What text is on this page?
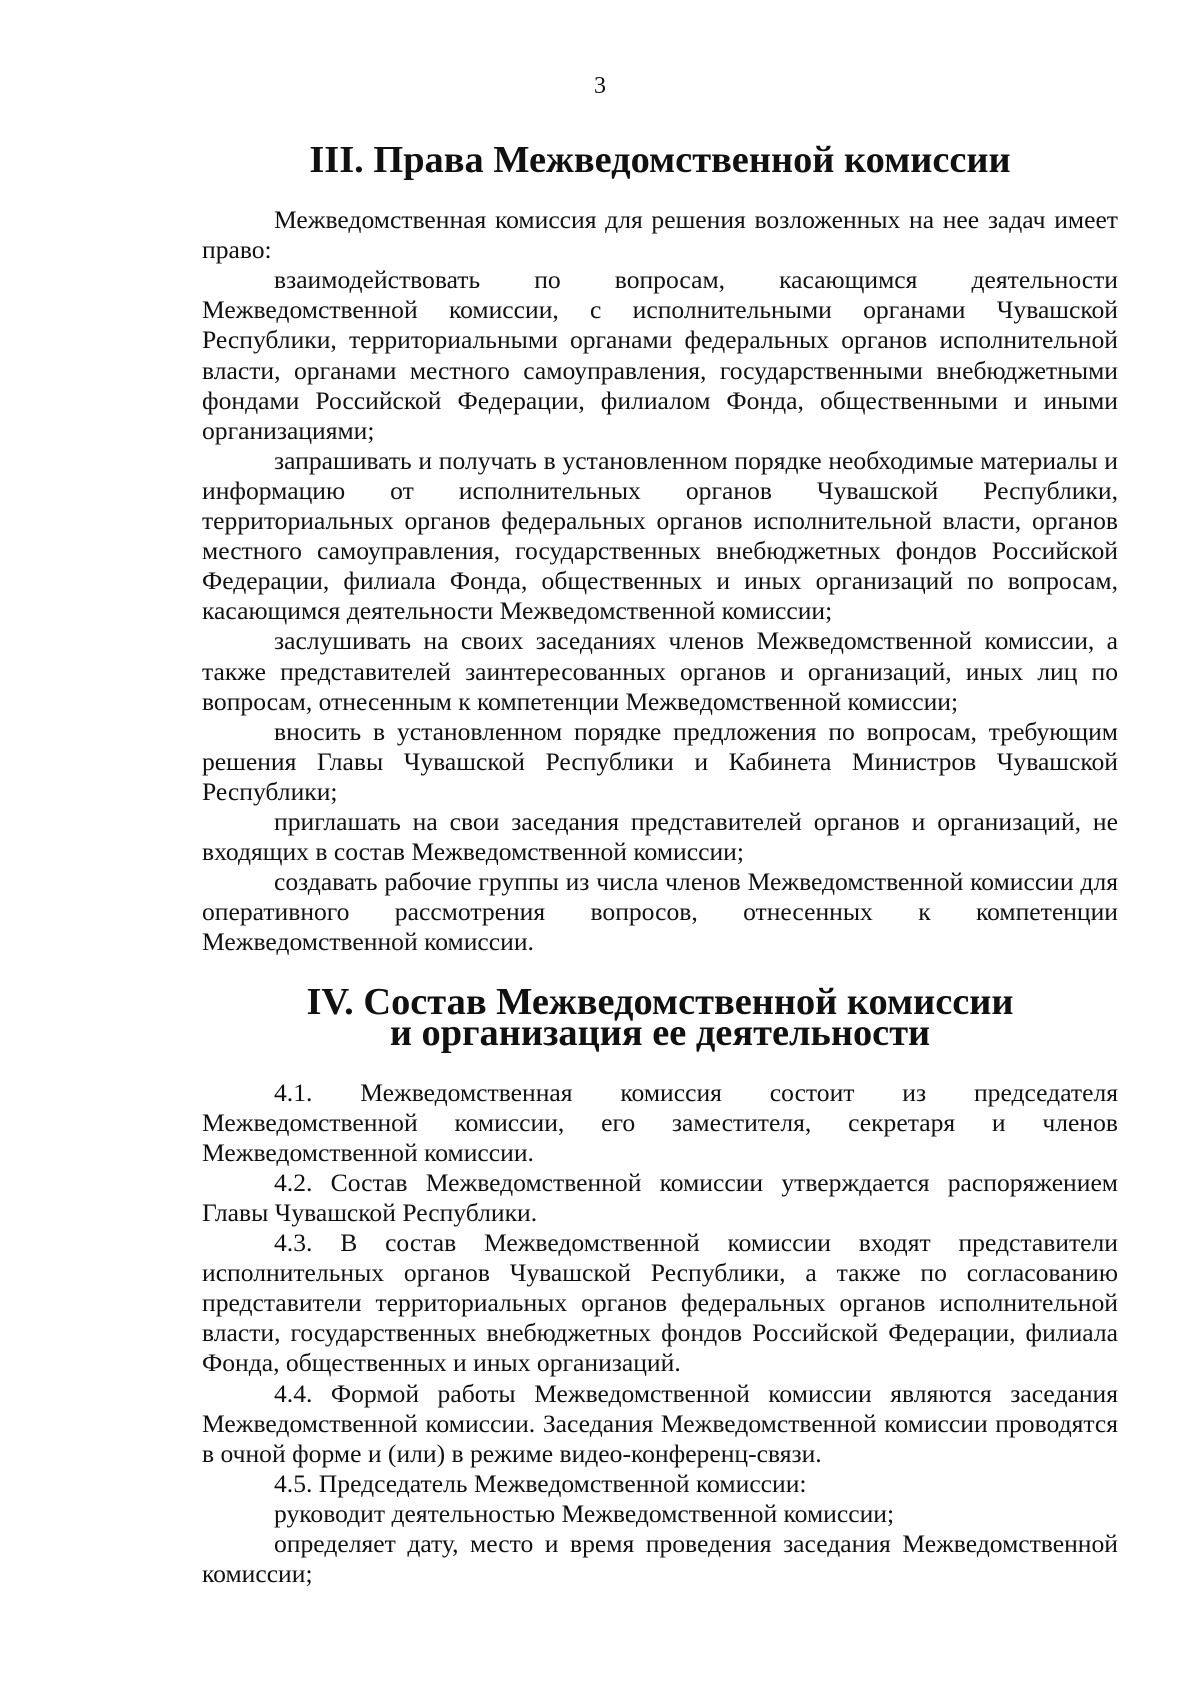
3
III. Права Межведомственной комиссии

Межведомственная комиссия для решения возложенных на нее задач имеет право:

взаимодействовать по вопросам, касающимся деятельности Межведомственной комиссии, с исполнительными органами Чувашской Республики, территориальными органами федеральных органов исполнительной власти, органами местного самоуправления, государственными внебюджетными фондами Российской Федерации, филиалом Фонда, общественными и иными организациями;

запрашивать и получать в установленном порядке необходимые материалы и информацию от исполнительных органов Чувашской Республики, территориальных органов федеральных органов исполнительной власти, органов местного самоуправления, государственных внебюджетных фондов Российской Федерации, филиала Фонда, общественных и иных организаций по вопросам, касающимся деятельности Межведомственной комиссии;

заслушивать на своих заседаниях членов Межведомственной комиссии, а также представителей заинтересованных органов и организаций, иных лиц по вопросам, отнесенным к компетенции Межведомственной комиссии;

вносить в установленном порядке предложения по вопросам, требующим решения Главы Чувашской Республики и Кабинета Министров Чувашской Республики;

приглашать на свои заседания представителей органов и организаций, не входящих в состав Межведомственной комиссии;

создавать рабочие группы из числа членов Межведомственной комиссии для оперативного рассмотрения вопросов, отнесенных к компетенции Межведомственной комиссии.

IV. Состав Межведомственной комиссии
и организация ее деятельности

4.1. Межведомственная комиссия состоит из председателя Межведомственной комиссии, его заместителя, секретаря и членов Межведомственной комиссии.

4.2. Состав Межведомственной комиссии утверждается распоряжением Главы Чувашской Республики.

4.3. В состав Межведомственной комиссии входят представители исполнительных органов Чувашской Республики, а также по согласованию представители территориальных органов федеральных органов исполнительной власти, государственных внебюджетных фондов Российской Федерации, филиала Фонда, общественных и иных организаций.

4.4. Формой работы Межведомственной комиссии являются заседания Межведомственной комиссии. Заседания Межведомственной комиссии проводятся в очной форме и (или) в режиме видео-конференц-связи.

4.5. Председатель Межведомственной комиссии:

руководит деятельностью Межведомственной комиссии;

определяет дату, место и время проведения заседания Межведомственной комиссии;
